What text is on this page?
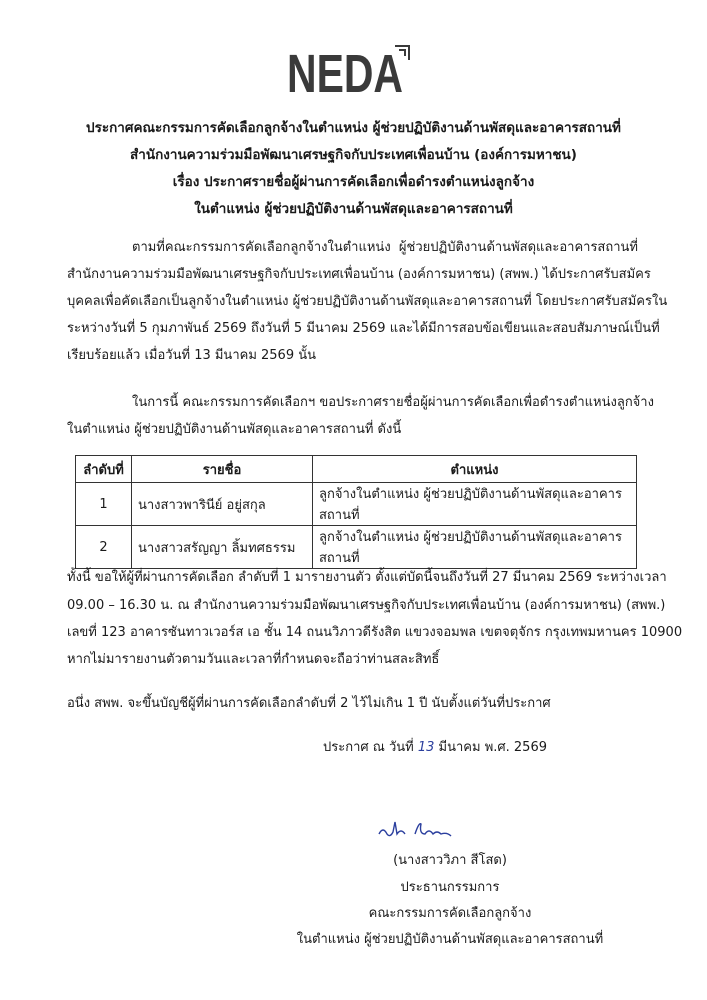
NEDA
ประกาศคณะกรรมการคัดเลือกลูกจ้างในตำแหน่ง ผู้ช่วยปฏิบัติงานด้านพัสดุและอาคารสถานที่
สำนักงานความร่วมมือพัฒนาเศรษฐกิจกับประเทศเพื่อนบ้าน (องค์การมหาชน)
เรื่อง ประกาศรายชื่อผู้ผ่านการคัดเลือกเพื่อดำรงตำแหน่งลูกจ้าง
ในตำแหน่ง ผู้ช่วยปฏิบัติงานด้านพัสดุและอาคารสถานที่
ตามที่คณะกรรมการคัดเลือกลูกจ้างในตำแหน่ง ผู้ช่วยปฏิบัติงานด้านพัสดุและอาคารสถานที่
สำนักงานความร่วมมือพัฒนาเศรษฐกิจกับประเทศเพื่อนบ้าน (องค์การมหาชน) (สพพ.) ได้ประกาศรับสมัคร
บุคคลเพื่อคัดเลือกเป็นลูกจ้างในตำแหน่ง ผู้ช่วยปฏิบัติงานด้านพัสดุและอาคารสถานที่ โดยประกาศรับสมัครใน
ระหว่างวันที่ 5 กุมภาพันธ์ 2569 ถึงวันที่ 5 มีนาคม 2569 และได้มีการสอบข้อเขียนและสอบสัมภาษณ์เป็นที่
เรียบร้อยแล้ว เมื่อวันที่ 13 มีนาคม 2569 นั้น
ในการนี้ คณะกรรมการคัดเลือกฯ ขอประกาศรายชื่อผู้ผ่านการคัดเลือกเพื่อดำรงตำแหน่งลูกจ้าง
ในตำแหน่ง ผู้ช่วยปฏิบัติงานด้านพัสดุและอาคารสถานที่ ดังนี้
ลำดับที่	รายชื่อ	ตำแหน่ง
1	นางสาวพารินีย์ อยู่สกุล	ลูกจ้างในตำแหน่ง ผู้ช่วยปฏิบัติงานด้านพัสดุและอาคารสถานที่
2	นางสาวสรัญญา ลิ้มทศธรรม	ลูกจ้างในตำแหน่ง ผู้ช่วยปฏิบัติงานด้านพัสดุและอาคารสถานที่
ทั้งนี้ ขอให้ผู้ที่ผ่านการคัดเลือก ลำดับที่ 1 มารายงานตัว ตั้งแต่บัดนี้จนถึงวันที่ 27 มีนาคม 2569 ระหว่างเวลา
09.00 – 16.30 น. ณ สำนักงานความร่วมมือพัฒนาเศรษฐกิจกับประเทศเพื่อนบ้าน (องค์การมหาชน) (สพพ.)
เลขที่ 123 อาคารซันทาวเวอร์ส เอ ชั้น 14 ถนนวิภาวดีรังสิต แขวงจอมพล เขตจตุจักร กรุงเทพมหานคร 10900
หากไม่มารายงานตัวตามวันและเวลาที่กำหนดจะถือว่าท่านสละสิทธิ์
อนึ่ง สพพ. จะขึ้นบัญชีผู้ที่ผ่านการคัดเลือกลำดับที่ 2 ไว้ไม่เกิน 1 ปี นับตั้งแต่วันที่ประกาศ
ประกาศ ณ วันที่ 13 มีนาคม พ.ศ. 2569
(นางสาววิภา สีโสด)
ประธานกรรมการ
คณะกรรมการคัดเลือกลูกจ้าง
ในตำแหน่ง ผู้ช่วยปฏิบัติงานด้านพัสดุและอาคารสถานที่
